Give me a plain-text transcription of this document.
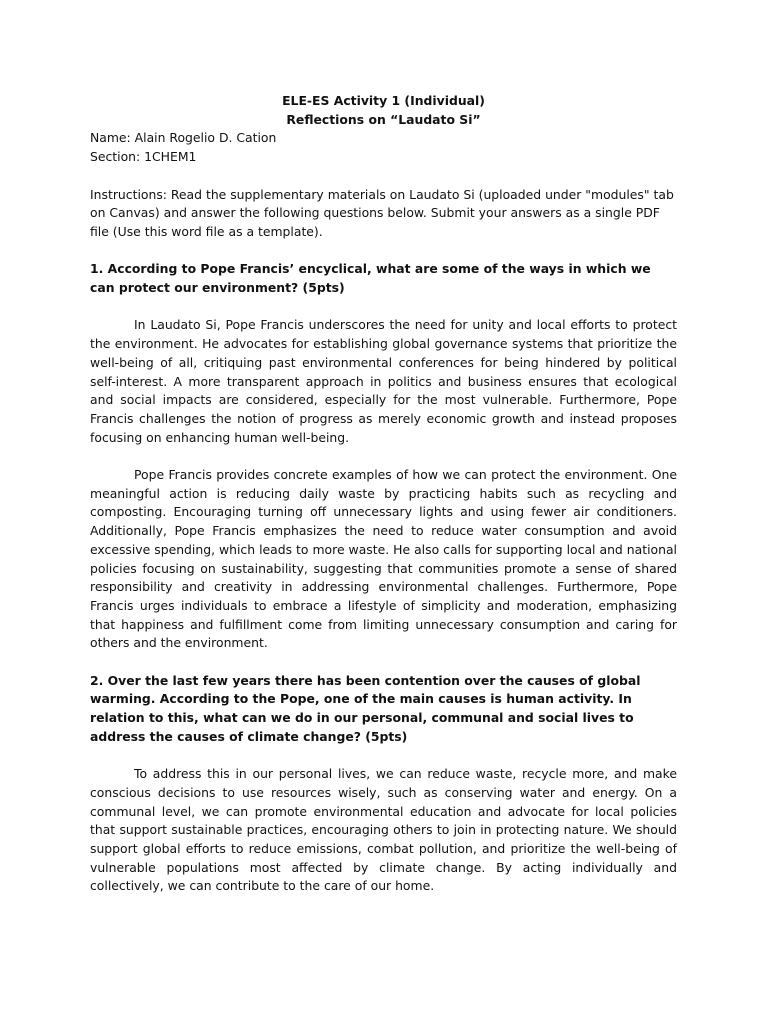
ELE-ES Activity 1 (Individual)
Reflections on “Laudato Si”

Name: Alain Rogelio D. Cation

Section: 1CHEM1

Instructions: Read the supplementary materials on Laudato Si (uploaded under "modules" tab on Canvas) and answer the following questions below. Submit your answers as a single PDF file (Use this word file as a template).

1. According to Pope Francis’ encyclical, what are some of the ways in which we can protect our environment? (5pts)

In Laudato Si, Pope Francis underscores the need for unity and local efforts to protect the environment. He advocates for establishing global governance systems that prioritize the well-being of all, critiquing past environmental conferences for being hindered by political self-interest. A more transparent approach in politics and business ensures that ecological and social impacts are considered, especially for the most vulnerable. Furthermore, Pope Francis challenges the notion of progress as merely economic growth and instead proposes focusing on enhancing human well-being.

Pope Francis provides concrete examples of how we can protect the environment. One meaningful action is reducing daily waste by practicing habits such as recycling and composting. Encouraging turning off unnecessary lights and using fewer air conditioners. Additionally, Pope Francis emphasizes the need to reduce water consumption and avoid excessive spending, which leads to more waste. He also calls for supporting local and national policies focusing on sustainability, suggesting that communities promote a sense of shared responsibility and creativity in addressing environmental challenges. Furthermore, Pope Francis urges individuals to embrace a lifestyle of simplicity and moderation, emphasizing that happiness and fulfillment come from limiting unnecessary consumption and caring for others and the environment.

2. Over the last few years there has been contention over the causes of global warming. According to the Pope, one of the main causes is human activity. In relation to this, what can we do in our personal, communal and social lives to address the causes of climate change? (5pts)

To address this in our personal lives, we can reduce waste, recycle more, and make conscious decisions to use resources wisely, such as conserving water and energy. On a communal level, we can promote environmental education and advocate for local policies that support sustainable practices, encouraging others to join in protecting nature. We should support global efforts to reduce emissions, combat pollution, and prioritize the well-being of vulnerable populations most affected by climate change. By acting individually and collectively, we can contribute to the care of our home.
